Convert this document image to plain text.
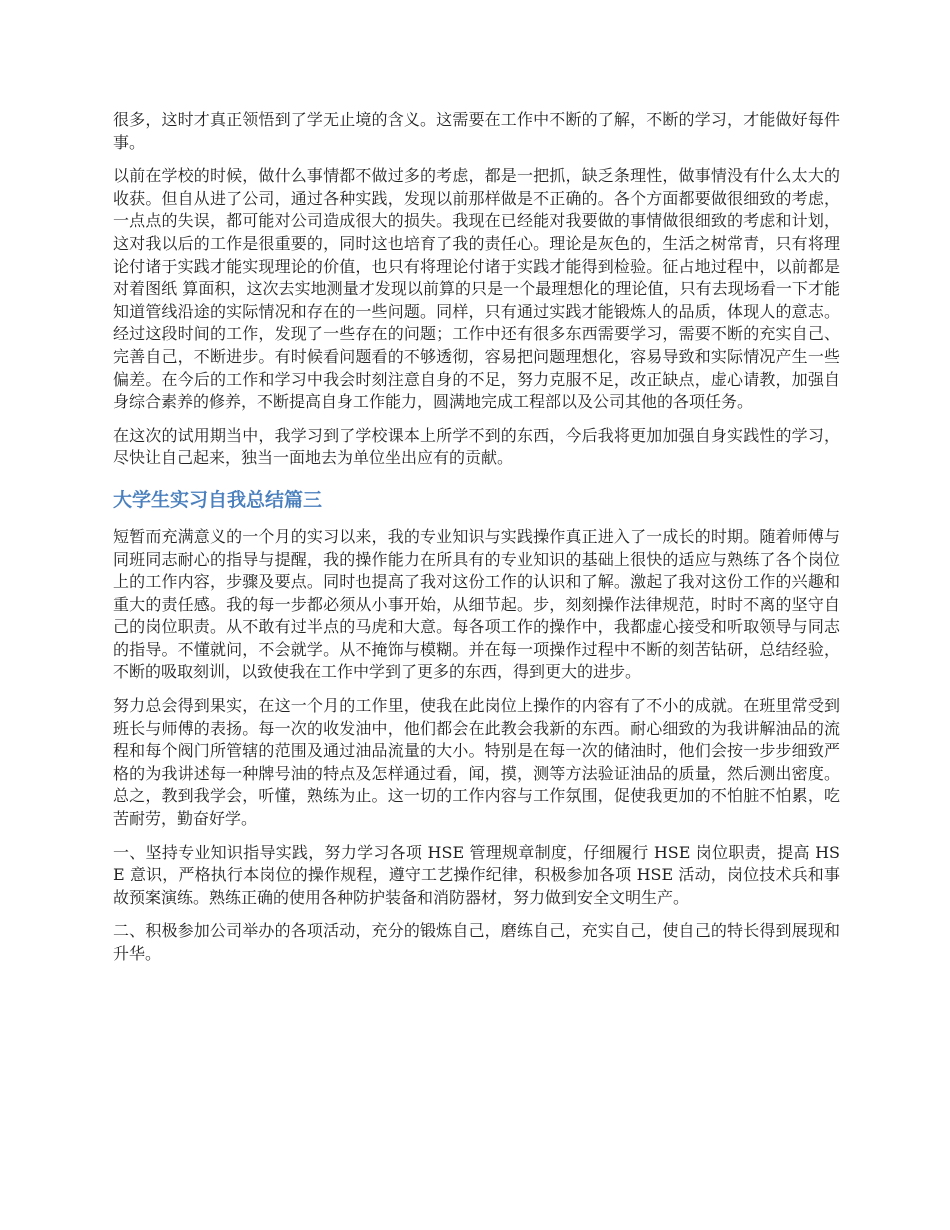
很多，这时才真正领悟到了学无止境的含义。这需要在工作中不断的了解，不断的学习，才能做好每件事。

以前在学校的时候，做什么事情都不做过多的考虑，都是一把抓，缺乏条理性，做事情没有什么太大的收获。但自从进了公司，通过各种实践，发现以前那样做是不正确的。各个方面都要做很细致的考虑，一点点的失误，都可能对公司造成很大的损失。我现在已经能对我要做的事情做很细致的考虑和计划，这对我以后的工作是很重要的，同时这也培育了我的责任心。理论是灰色的，生活之树常青，只有将理论付诸于实践才能实现理论的价值，也只有将理论付诸于实践才能得到检验。征占地过程中，以前都是对着图纸 算面积，这次去实地测量才发现以前算的只是一个最理想化的理论值，只有去现场看一下才能知道管线沿途的实际情况和存在的一些问题。同样，只有通过实践才能锻炼人的品质，体现人的意志。经过这段时间的工作，发现了一些存在的问题；工作中还有很多东西需要学习，需要不断的充实自己、完善自己，不断进步。有时候看问题看的不够透彻，容易把问题理想化，容易导致和实际情况产生一些偏差。在今后的工作和学习中我会时刻注意自身的不足，努力克服不足，改正缺点，虚心请教，加强自身综合素养的修养，不断提高自身工作能力，圆满地完成工程部以及公司其他的各项任务。

在这次的试用期当中，我学习到了学校课本上所学不到的东西，今后我将更加加强自身实践性的学习，尽快让自己起来，独当一面地去为单位坐出应有的贡献。

大学生实习自我总结篇三

短暂而充满意义的一个月的实习以来，我的专业知识与实践操作真正进入了一成长的时期。随着师傅与同班同志耐心的指导与提醒，我的操作能力在所具有的专业知识的基础上很快的适应与熟练了各个岗位上的工作内容，步骤及要点。同时也提高了我对这份工作的认识和了解。激起了我对这份工作的兴趣和重大的责任感。我的每一步都必须从小事开始，从细节起。步，刻刻操作法律规范，时时不离的坚守自己的岗位职责。从不敢有过半点的马虎和大意。每各项工作的操作中，我都虚心接受和听取领导与同志的指导。不懂就问，不会就学。从不掩饰与模糊。并在每一项操作过程中不断的刻苦钻研，总结经验，不断的吸取刻训，以致使我在工作中学到了更多的东西，得到更大的进步。

努力总会得到果实，在这一个月的工作里，使我在此岗位上操作的内容有了不小的成就。在班里常受到班长与师傅的表扬。每一次的收发油中，他们都会在此教会我新的东西。耐心细致的为我讲解油品的流程和每个阀门所管辖的范围及通过油品流量的大小。特别是在每一次的储油时，他们会按一步步细致严格的为我讲述每一种牌号油的特点及怎样通过看，闻，摸，测等方法验证油品的质量，然后测出密度。总之，教到我学会，听懂，熟练为止。这一切的工作内容与工作氛围，促使我更加的不怕脏不怕累，吃苦耐劳，勤奋好学。

一、坚持专业知识指导实践，努力学习各项 HSE 管理规章制度，仔细履行 HSE 岗位职责，提高 HSE 意识，严格执行本岗位的操作规程，遵守工艺操作纪律，积极参加各项 HSE 活动，岗位技术兵和事故预案演练。熟练正确的使用各种防护装备和消防器材，努力做到安全文明生产。

二、积极参加公司举办的各项活动，充分的锻炼自己，磨练自己，充实自己，使自己的特长得到展现和升华。
